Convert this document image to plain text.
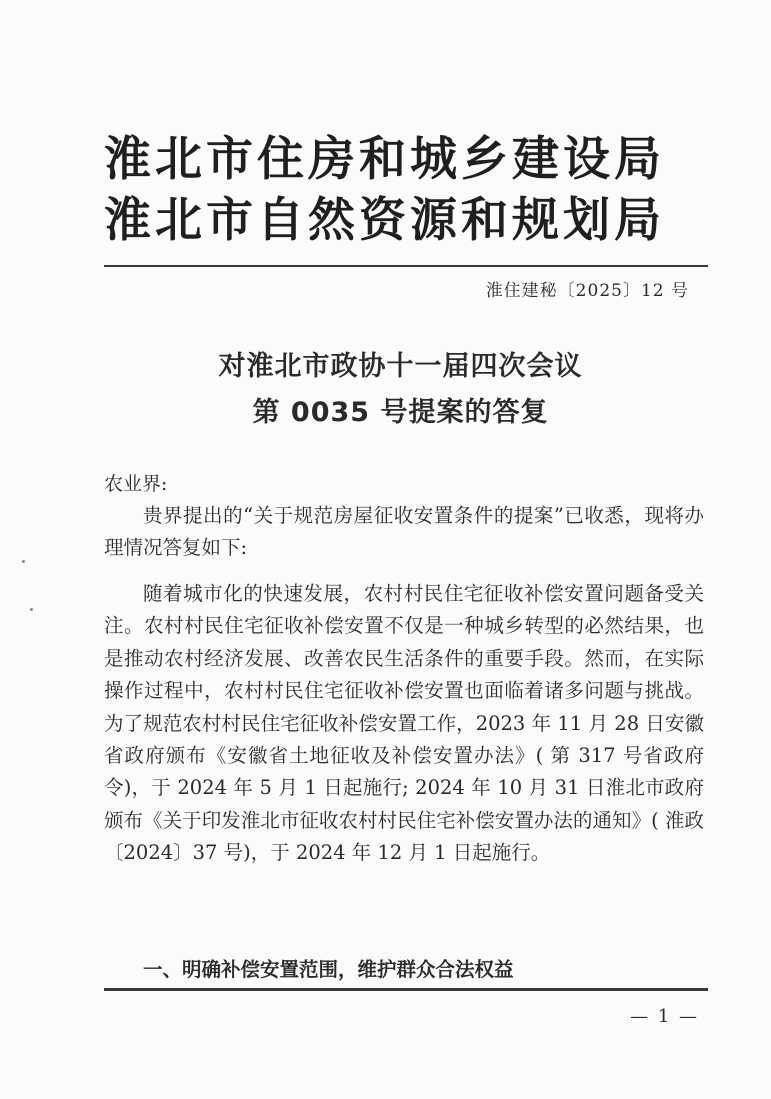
淮北市住房和城乡建设局
淮北市自然资源和规划局
淮住建秘〔2025〕12 号
对淮北市政协十一届四次会议
第 0035 号提案的答复
农业界:
贵界提出的“关于规范房屋征收安置条件的提案”已收悉，现将办理情况答复如下:
随着城市化的快速发展，农村村民住宅征收补偿安置问题备受关注。农村村民住宅征收补偿安置不仅是一种城乡转型的必然结果，也是推动农村经济发展、改善农民生活条件的重要手段。然而，在实际操作过程中，农村村民住宅征收补偿安置也面临着诸多问题与挑战。为了规范农村村民住宅征收补偿安置工作，2023 年 11 月 28 日安徽省政府颁布《安徽省土地征收及补偿安置办法》( 第 317 号省政府令)，于 2024 年 5 月 1 日起施行; 2024 年 10 月 31 日淮北市政府颁布《关于印发淮北市征收农村村民住宅补偿安置办法的通知》( 淮政〔2024〕37 号)，于 2024 年 12 月 1 日起施行。
一、明确补偿安置范围，维护群众合法权益
— 1 —
